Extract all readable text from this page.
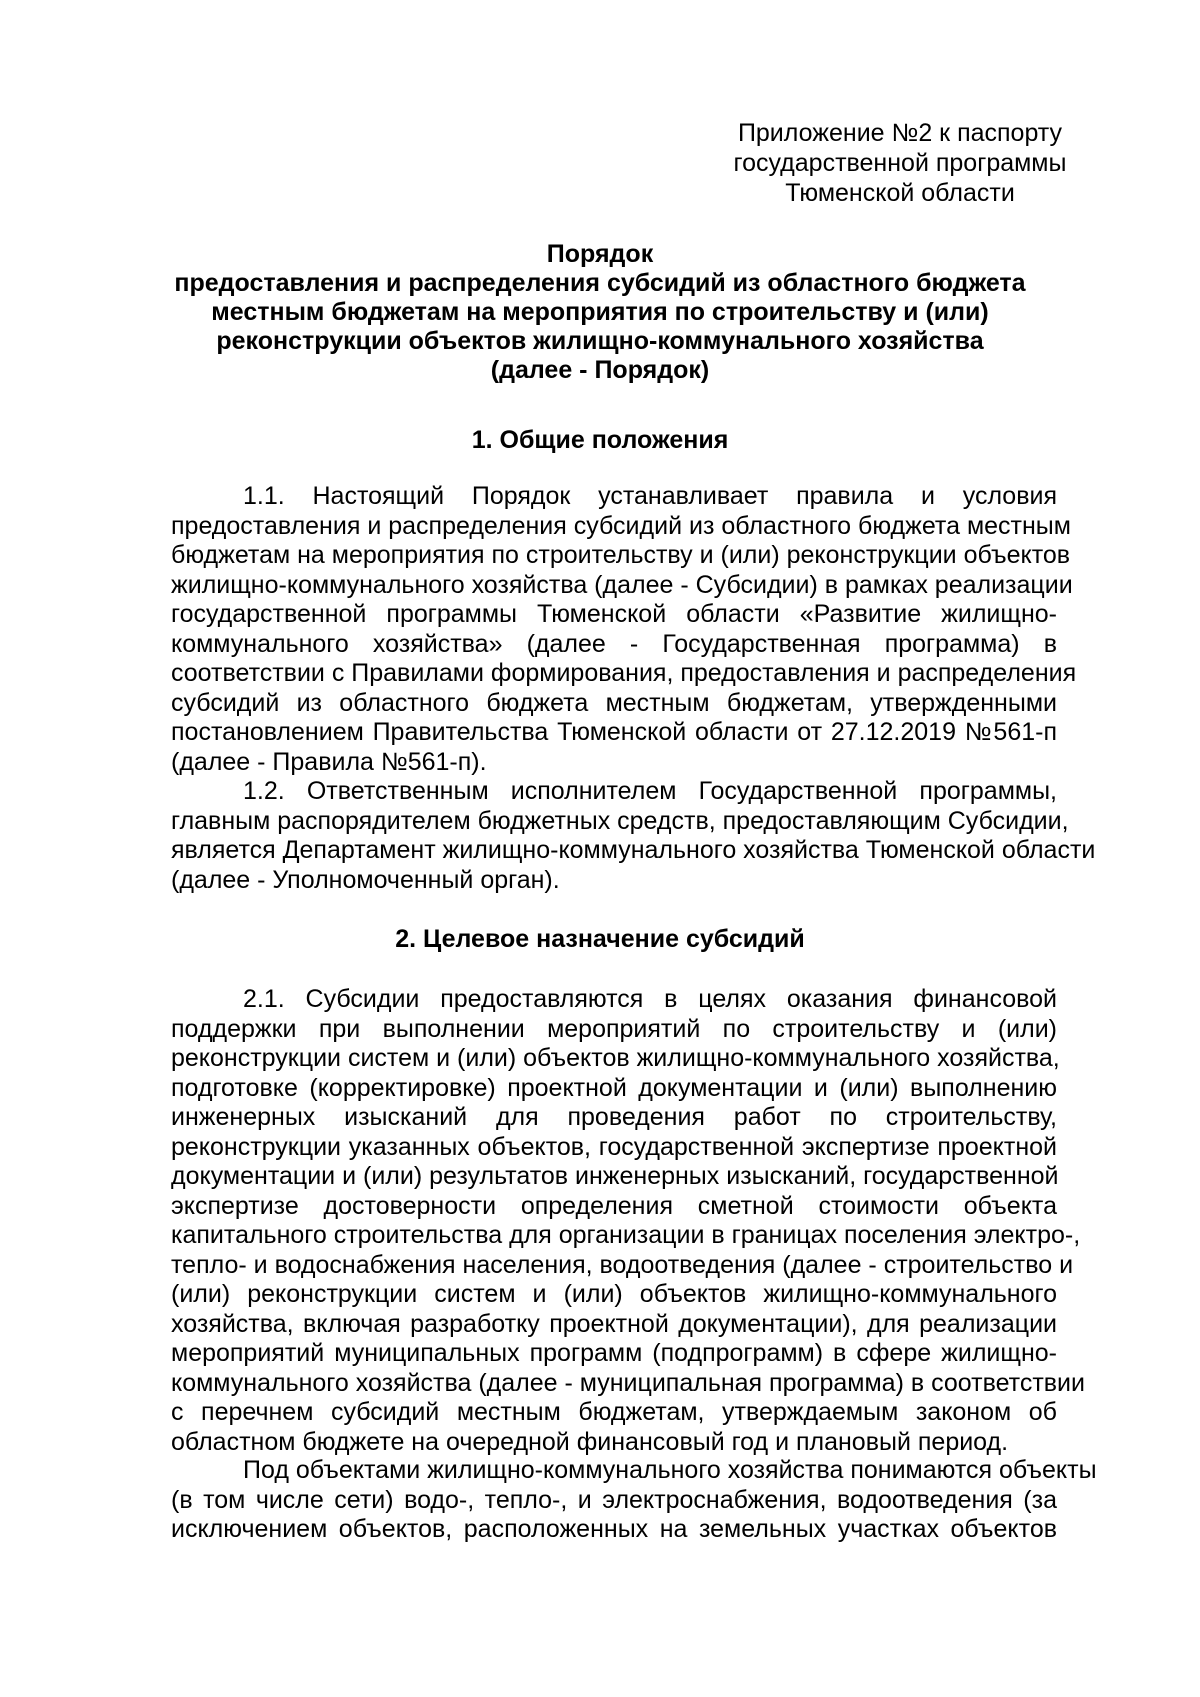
Приложение №2 к паспорту
государственной программы
Тюменской области
Порядок
предоставления и распределения субсидий из областного бюджета
местным бюджетам на мероприятия по строительству и (или)
реконструкции объектов жилищно-коммунального хозяйства
(далее - Порядок)
1. Общие положения
1.1. Настоящий Порядок устанавливает правила и условия
предоставления и распределения субсидий из областного бюджета местным
бюджетам на мероприятия по строительству и (или) реконструкции объектов
жилищно-коммунального хозяйства (далее - Субсидии) в рамках реализации
государственной программы Тюменской области «Развитие жилищно-
коммунального хозяйства» (далее - Государственная программа) в
соответствии с Правилами формирования, предоставления и распределения
субсидий из областного бюджета местным бюджетам, утвержденными
постановлением Правительства Тюменской области от 27.12.2019 №561-п
(далее - Правила №561-п).
1.2. Ответственным исполнителем Государственной программы,
главным распорядителем бюджетных средств, предоставляющим Субсидии,
является Департамент жилищно-коммунального хозяйства Тюменской области
(далее - Уполномоченный орган).
2. Целевое назначение субсидий
2.1. Субсидии предоставляются в целях оказания финансовой
поддержки при выполнении мероприятий по строительству и (или)
реконструкции систем и (или) объектов жилищно-коммунального хозяйства,
подготовке (корректировке) проектной документации и (или) выполнению
инженерных изысканий для проведения работ по строительству,
реконструкции указанных объектов, государственной экспертизе проектной
документации и (или) результатов инженерных изысканий, государственной
экспертизе достоверности определения сметной стоимости объекта
капитального строительства для организации в границах поселения электро-,
тепло- и водоснабжения населения, водоотведения (далее - строительство и
(или) реконструкции систем и (или) объектов жилищно-коммунального
хозяйства, включая разработку проектной документации), для реализации
мероприятий муниципальных программ (подпрограмм) в сфере жилищно-
коммунального хозяйства (далее - муниципальная программа) в соответствии
с перечнем субсидий местным бюджетам, утверждаемым законом об
областном бюджете на очередной финансовый год и плановый период.
Под объектами жилищно-коммунального хозяйства понимаются объекты
(в том числе сети) водо-, тепло-, и электроснабжения, водоотведения (за
исключением объектов, расположенных на земельных участках объектов
